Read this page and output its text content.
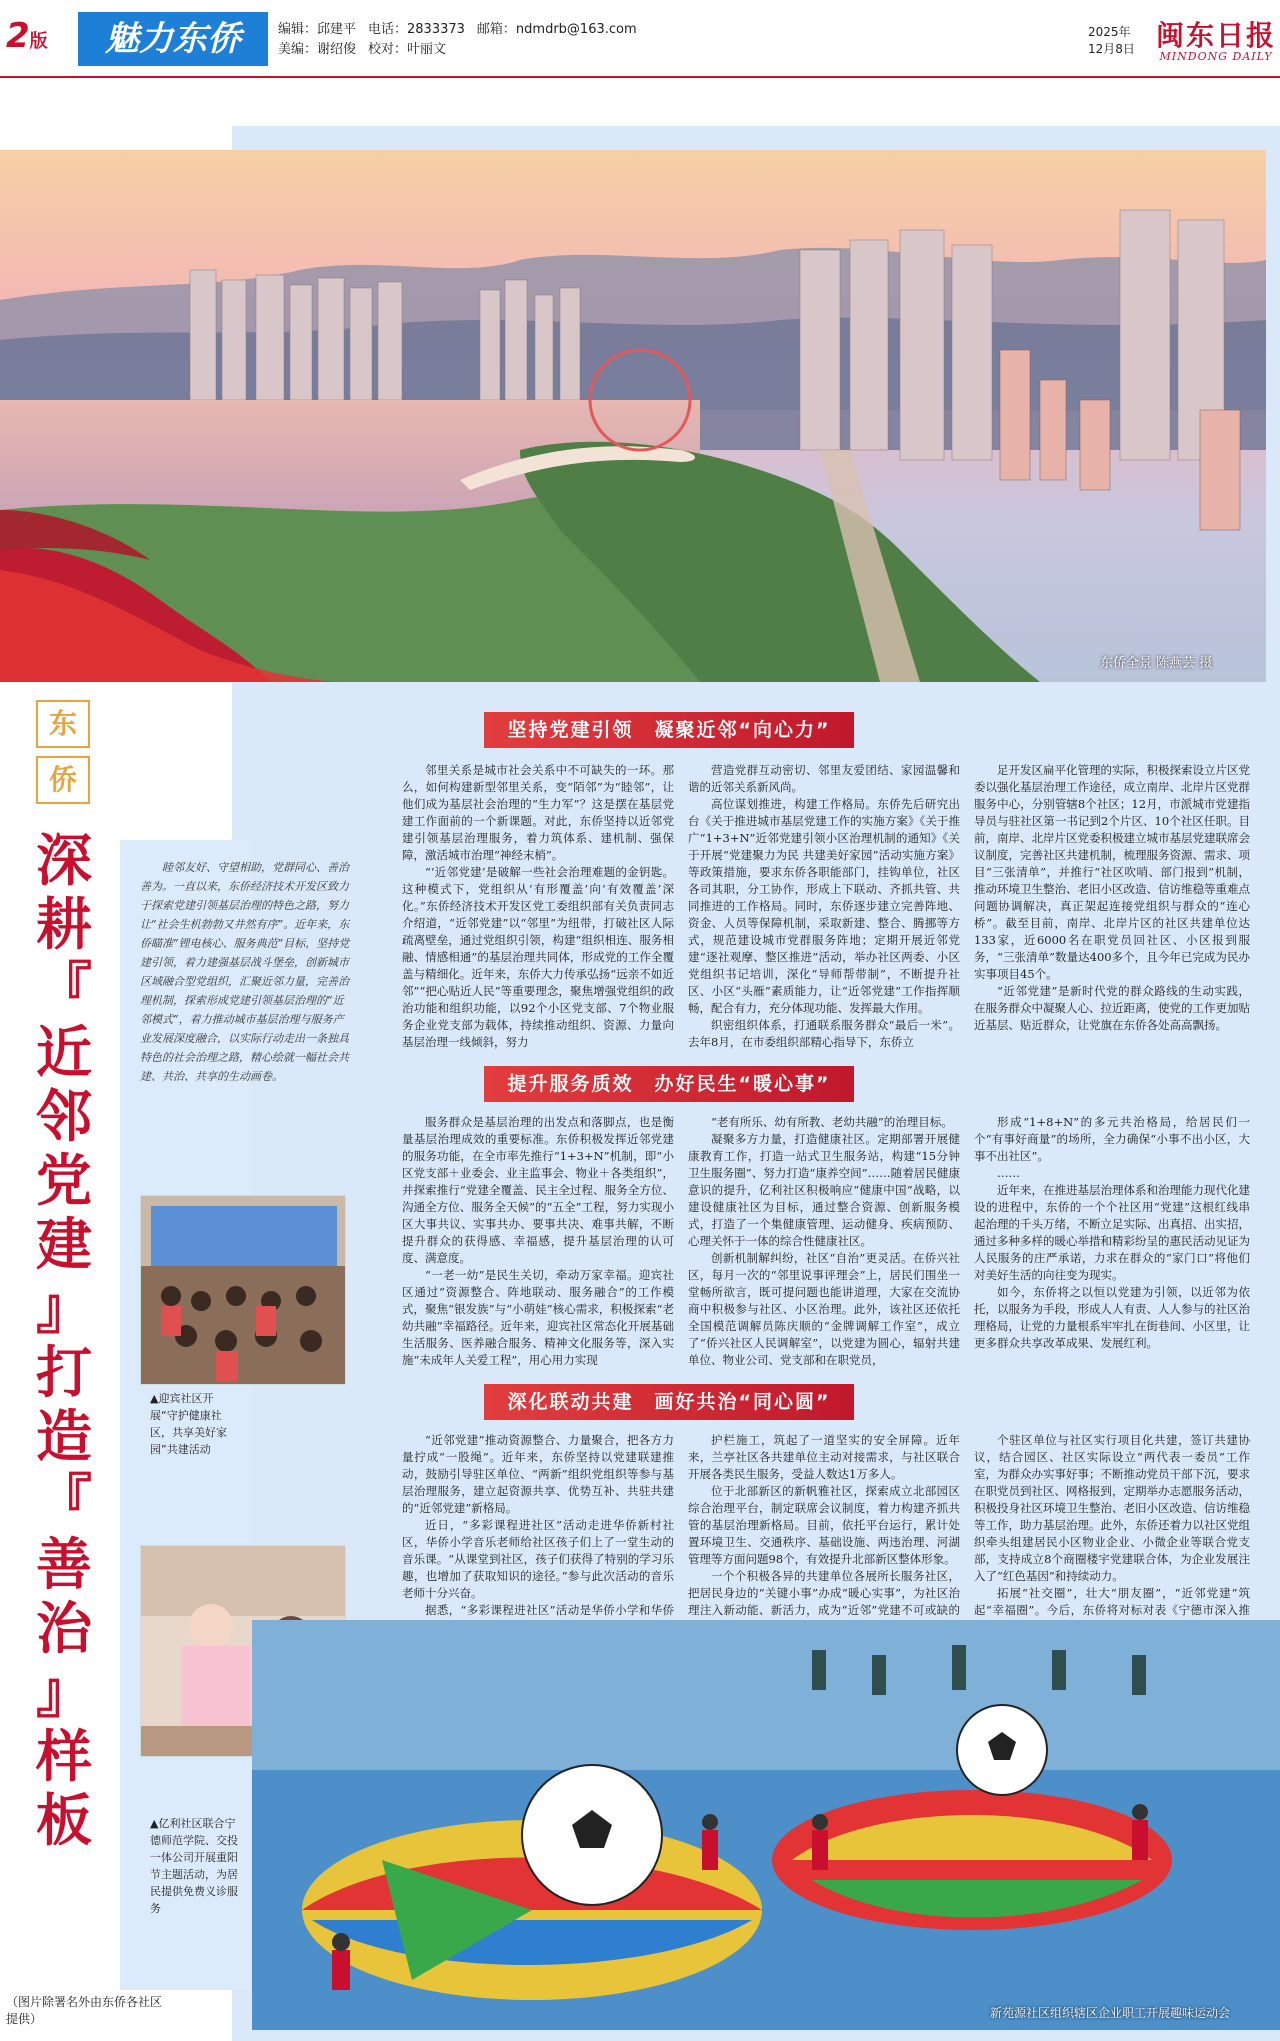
2版	魅力东侨	编辑：邱建平 电话：2833373 邮箱：ndmdrb@163.com
美编：谢绍俊 校对：叶丽文
2025年
12月8日 闽东日报
MINDONG DAILY
东侨全景 陈燕芸 摄
东
侨
深
耕
『
近
邻
党
建
』
打
造
『
善
治
』
样
板

睦邻友好、守望相助，党群同心、善治善为。一直以来，东侨经济技术开发区致力于探索党建引领基层治理的特色之路，努力让“社会生机勃勃又井然有序”。近年来，东侨瞄准“锂电核心、服务典范”目标，坚持党建引领，着力建强基层战斗堡垒，创新城市区域融合型党组织，汇聚近邻力量，完善治理机制，探索形成党建引领基层治理的“近邻模式”，着力推动城市基层治理与服务产业发展深度融合，以实际行动走出一条独具特色的社会治理之路，精心绘就一幅社会共建、共治、共享的生动画卷。

▲迎宾社区开展“守护健康社区，共享美好家园”共建活动
▲亿利社区联合宁德师范学院、交投一体公司开展重阳节主题活动，为居民提供免费义诊服务
（图片除署名外由东侨各社区提供）
坚持党建引领　凝聚近邻“向心力”

邻里关系是城市社会关系中不可缺失的一环。那么，如何构建新型邻里关系，变“陌邻”为“睦邻”，让他们成为基层社会治理的“生力军”？这是摆在基层党建工作面前的一个新课题。对此，东侨坚持以近邻党建引领基层治理服务，着力筑体系、建机制、强保障，激活城市治理“神经末梢”。

“‘近邻党建’是破解一些社会治理难题的金钥匙。这种模式下，党组织从‘有形覆盖’向‘有效覆盖’深化。”东侨经济技术开发区党工委组织部有关负责同志介绍道，“近邻党建”以“邻里”为纽带，打破社区人际疏离壁垒，通过党组织引领，构建“组织相连、服务相融、情感相通”的基层治理共同体，形成党的工作全覆盖与精细化。近年来，东侨大力传承弘扬“远亲不如近邻”“把心贴近人民”等重要理念，聚焦增强党组织的政治功能和组织功能，以92个小区党支部、7个物业服务企业党支部为载体，持续推动组织、资源、力量向基层治理一线倾斜，努力

营造党群互动密切、邻里友爱团结、家园温馨和谐的近邻关系新风尚。

高位谋划推进，构建工作格局。东侨先后研究出台《关于推进城市基层党建工作的实施方案》《关于推广“1+3+N”近邻党建引领小区治理机制的通知》《关于开展“党建聚力为民 共建美好家园”活动实施方案》等政策措施，要求东侨各职能部门，挂钩单位，社区各司其职，分工协作，形成上下联动、齐抓共管、共同推进的工作格局。同时，东侨逐步建立完善阵地、资金、人员等保障机制，采取新建、整合、腾挪等方式，规范建设城市党群服务阵地；定期开展近邻党建“逐社观摩、整区推进”活动，举办社区两委、小区党组织书记培训，深化“导师帮带制”，不断提升社区、小区“头雁”素质能力，让“近邻党建”工作指挥顺畅，配合有力，充分体现功能、发挥最大作用。

织密组织体系，打通联系服务群众“最后一米”。去年8月，在市委组织部精心指导下，东侨立

足开发区扁平化管理的实际，积极探索设立片区党委以强化基层治理工作途径，成立南岸、北岸片区党群服务中心，分别管辖8个社区；12月，市派城市党建指导员与驻社区第一书记到2个片区、10个社区任职。目前，南岸、北岸片区党委积极建立城市基层党建联席会议制度，完善社区共建机制，梳理服务资源、需求、项目“三张清单”，并推行“社区吹哨、部门报到”机制，推动环境卫生整治、老旧小区改造、信访维稳等重难点问题协调解决，真正架起连接党组织与群众的“连心桥”。截至目前，南岸、北岸片区的社区共建单位达133家，近6000名在职党员回社区、小区报到服务，“三张清单”数量达400多个，且今年已完成为民办实事项目45个。

“近邻党建”是新时代党的群众路线的生动实践，在服务群众中凝聚人心、拉近距离，使党的工作更加贴近基层、贴近群众，让党旗在东侨各处高高飘扬。

提升服务质效　办好民生“暖心事”

服务群众是基层治理的出发点和落脚点，也是衡量基层治理成效的重要标准。东侨积极发挥近邻党建的服务功能，在全市率先推行“1+3+N”机制，即“小区党支部＋业委会、业主监事会、物业＋各类组织”，并探索推行“党建全覆盖、民主全过程、服务全方位、沟通全方位、服务全天候”的“五全”工程，努力实现小区大事共议、实事共办、要事共决、难事共解，不断提升群众的获得感、幸福感，提升基层治理的认可度、满意度。

“一老一幼”是民生关切，牵动万家幸福。迎宾社区通过“资源整合、阵地联动、服务融合”的工作模式，聚焦“银发族”与“小萌娃”核心需求，积极探索“老幼共融”幸福路径。近年来，迎宾社区常态化开展基础生活服务、医养融合服务、精神文化服务等，深入实施“未成年人关爱工程”，用心用力实现

“老有所乐、幼有所教、老幼共融”的治理目标。

凝聚多方力量，打造健康社区。定期部署开展健康教育工作，打造一站式卫生服务站，构建“15分钟卫生服务圈”、努力打造“康养空间”……随着居民健康意识的提升，亿利社区积极响应“健康中国”战略，以建设健康社区为目标，通过整合资源、创新服务模式，打造了一个集健康管理、运动健身、疾病预防、心理关怀于一体的综合性健康社区。

创新机制解纠纷，社区“自治”更灵活。在侨兴社区，每月一次的“邻里说事评理会”上，居民们围坐一堂畅所欲言，既可提问题也能讲道理，大家在交流协商中积极参与社区、小区治理。此外，该社区还依托全国模范调解员陈庆顺的“金牌调解工作室”，成立了“侨兴社区人民调解室”，以党建为圆心，辐射共建单位、物业公司、党支部和在职党员，

形成“1+8+N”的多元共治格局，给居民们一个“有事好商量”的场所，全力确保“小事不出小区，大事不出社区”。

……

近年来，在推进基层治理体系和治理能力现代化建设的进程中，东侨的一个个社区用“党建”这根红线串起治理的千头万绪，不断立足实际、出真招、出实招，通过多种多样的暖心举措和精彩纷呈的惠民活动见证为人民服务的庄严承诺，力求在群众的“家门口”将他们对美好生活的向往变为现实。

如今，东侨将之以恒以党建为引领，以近邻为依托，以服务为手段，形成人人有责、人人参与的社区治理格局，让党的力量根系牢牢扎在街巷间、小区里，让更多群众共享改革成果、发展红利。

深化联动共建　画好共治“同心圆”

“近邻党建”推动资源整合、力量聚合，把各方力量拧成“一股绳”。近年来，东侨坚持以党建联建推动，鼓励引导驻区单位、“两新”组织党组织等参与基层治理服务，建立起资源共享、优势互补、共驻共建的“近邻党建”新格局。

近日，“多彩课程进社区”活动走进华侨新村社区，华侨小学音乐老师给社区孩子们上了一堂生动的音乐课。“从课堂到社区，孩子们获得了特别的学习乐趣，也增加了获取知识的途径。”参与此次活动的音乐老师十分兴奋。

据悉，“多彩课程进社区”活动是华侨小学和华侨

护栏施工，筑起了一道坚实的安全屏障。近年来，兰亭社区各共建单位主动对接需求，与社区联合开展各类民生服务，受益人数达1万多人。

位于北部新区的新帆雅社区，探索成立北部园区综合治理平台，制定联席会议制度，着力构建齐抓共管的基层治理新格局。目前，依托平台运行，累计处置环境卫生、交通秩序、基础设施、两违治理、河湖管理等方面问题98个，有效提升北部新区整体形象。

一个个积极各异的共建单位各展所长服务社区，把居民身边的“关键小事”办成“暖心实事”，为社区治理注入新动能、新活力，成为“近邻”党建不可或缺的

个驻区单位与社区实行项目化共建，签订共建协议，结合园区、社区实际设立“两代表一委员”工作室，为群众办实事好事；不断推动党员干部下沉，要求在职党员到社区、网格报到，定期举办志愿服务活动，积极投身社区环境卫生整治、老旧小区改造、信访维稳等工作，助力基层治理。此外，东侨还着力以社区党组织牵头组建居民小区物业企业、小微企业等联合党支部，支持成立8个商圈楼宇党建联合体，为企业发展注入了“红色基因”和持续动力。

拓展“社交圈”，壮大“朋友圈”，“近邻党建”筑起“幸福圈”。今后，东侨将对标对表《宁德市深入推

新苑源社区组织辖区企业职工开展趣味运动会
